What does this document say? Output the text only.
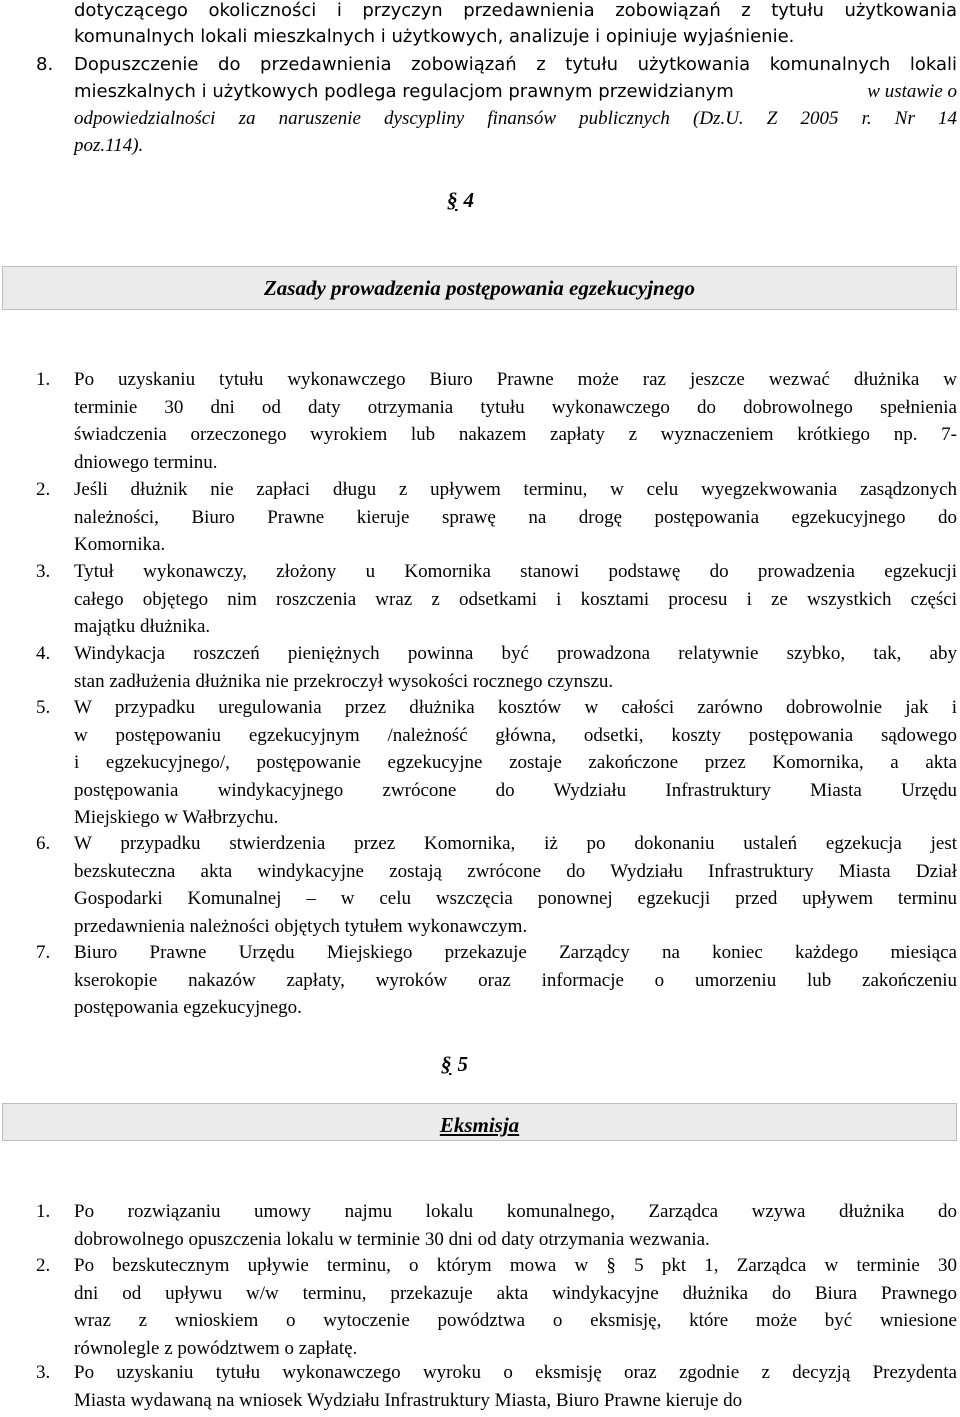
dotyczącego okoliczności i przyczyn przedawnienia zobowiązań z tytułu użytkowania
komunalnych lokali mieszkalnych i użytkowych, analizuje i opiniuje wyjaśnienie.
8. Dopuszczenie do przedawnienia zobowiązań z tytułu użytkowania komunalnych lokali
mieszkalnych i użytkowych podlega regulacjom prawnym przewidzianym	w ustawie o
odpowiedzialności za naruszenie dyscypliny finansów publicznych (Dz.U. Z 2005 r. Nr 14
poz.114).
§ 4
Zasady prowadzenia postępowania egzekucyjnego
1. Po uzyskaniu tytułu wykonawczego Biuro Prawne może raz jeszcze wezwać dłużnika w
terminie 30 dni od daty otrzymania tytułu wykonawczego do dobrowolnego spełnienia
świadczenia orzeczonego wyrokiem lub nakazem zapłaty z wyznaczeniem krótkiego np. 7-
dniowego terminu.
2. Jeśli dłużnik nie zapłaci długu z upływem terminu, w celu wyegzekwowania zasądzonych
należności, Biuro Prawne kieruje sprawę na drogę postępowania egzekucyjnego do
Komornika.
3. Tytuł wykonawczy, złożony u Komornika stanowi podstawę do prowadzenia egzekucji
całego objętego nim roszczenia wraz z odsetkami i kosztami procesu i ze wszystkich części
majątku dłużnika.
4. Windykacja roszczeń pieniężnych powinna być prowadzona relatywnie szybko, tak, aby
stan zadłużenia dłużnika nie przekroczył wysokości rocznego czynszu.
5. W przypadku uregulowania przez dłużnika kosztów w całości zarówno dobrowolnie jak i
w postępowaniu egzekucyjnym /należność główna, odsetki, koszty postępowania sądowego
i egzekucyjnego/, postępowanie egzekucyjne zostaje zakończone przez Komornika, a akta
postępowania windykacyjnego zwrócone do Wydziału Infrastruktury Miasta Urzędu
Miejskiego w Wałbrzychu.
6. W przypadku stwierdzenia przez Komornika, iż po dokonaniu ustaleń egzekucja jest
bezskuteczna akta windykacyjne zostają zwrócone do Wydziału Infrastruktury Miasta Dział
Gospodarki Komunalnej – w celu wszczęcia ponownej egzekucji przed upływem terminu
przedawnienia należności objętych tytułem wykonawczym.
7. Biuro Prawne Urzędu Miejskiego przekazuje Zarządcy na koniec każdego miesiąca
kserokopie nakazów zapłaty, wyroków oraz informacje o umorzeniu lub zakończeniu
postępowania egzekucyjnego.
§ 5
Eksmisja
1. Po rozwiązaniu umowy najmu lokalu komunalnego, Zarządca wzywa dłużnika do
dobrowolnego opuszczenia lokalu w terminie 30 dni od daty otrzymania wezwania.
2. Po bezskutecznym upływie terminu, o którym mowa w § 5 pkt 1, Zarządca w terminie 30
dni od upływu w/w terminu, przekazuje akta windykacyjne dłużnika do Biura Prawnego
wraz z wnioskiem o wytoczenie powództwa o eksmisję, które może być wniesione
równolegle z powództwem o zapłatę.
3. Po uzyskaniu tytułu wykonawczego wyroku o eksmisję oraz zgodnie z decyzją Prezydenta
Miasta wydawaną na wniosek Wydziału Infrastruktury Miasta, Biuro Prawne kieruje do
